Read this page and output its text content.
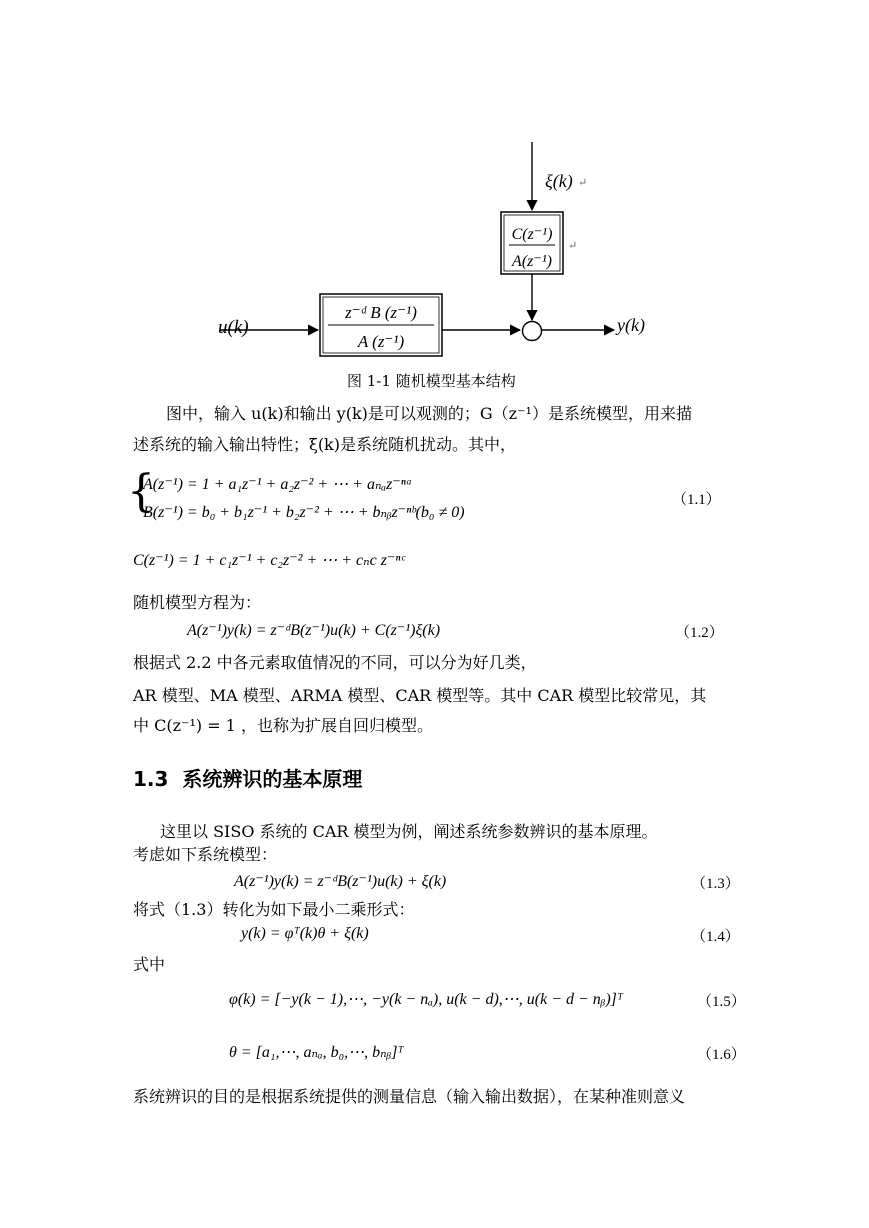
ξ(k)
C(z⁻¹)
A(z⁻¹)
↵
↵
u(k)
z⁻ᵈ B (z⁻¹)
A (z⁻¹)
y(k)
图 1-1 随机模型基本结构
图中，输入 u(k)和输出 y(k)是可以观测的；G（z⁻¹）是系统模型，用来描
述系统的输入输出特性；ξ(k)是系统随机扰动。其中，
{
A(z⁻¹) = 1 + a₁z⁻¹ + a₂z⁻² + ⋯ + aₙₐz⁻ⁿᵃ
B(z⁻¹) = b₀ + b₁z⁻¹ + b₂z⁻² + ⋯ + bₙᵦz⁻ⁿᵇ(b₀ ≠ 0)
（1.1）
C(z⁻¹) = 1 + c₁z⁻¹ + c₂z⁻² + ⋯ + cₙc z⁻ⁿᶜ
随机模型方程为：
A(z⁻¹)y(k) = z⁻ᵈB(z⁻¹)u(k) + C(z⁻¹)ξ(k)	（1.2）
根据式 2.2 中各元素取值情况的不同，可以分为好几类，
AR 模型、MA 模型、ARMA 模型、CAR 模型等。其中 CAR 模型比较常见，其
中 C(z⁻¹) = 1 ，也称为扩展自回归模型。
1.3 系统辨识的基本原理
这里以 SISO 系统的 CAR 模型为例，阐述系统参数辨识的基本原理。
考虑如下系统模型：
A(z⁻¹)y(k) = z⁻ᵈB(z⁻¹)u(k) + ξ(k)	（1.3）
将式（1.3）转化为如下最小二乘形式：
y(k) = φᵀ(k)θ + ξ(k)	（1.4）
式中
φ(k) = [−y(k − 1),⋯, −y(k − nₐ), u(k − d),⋯, u(k − d − nᵦ)]ᵀ	（1.5）
θ = [a₁,⋯, aₙₐ, b₀,⋯, bₙᵦ]ᵀ	（1.6）
系统辨识的目的是根据系统提供的测量信息（输入输出数据），在某种准则意义
